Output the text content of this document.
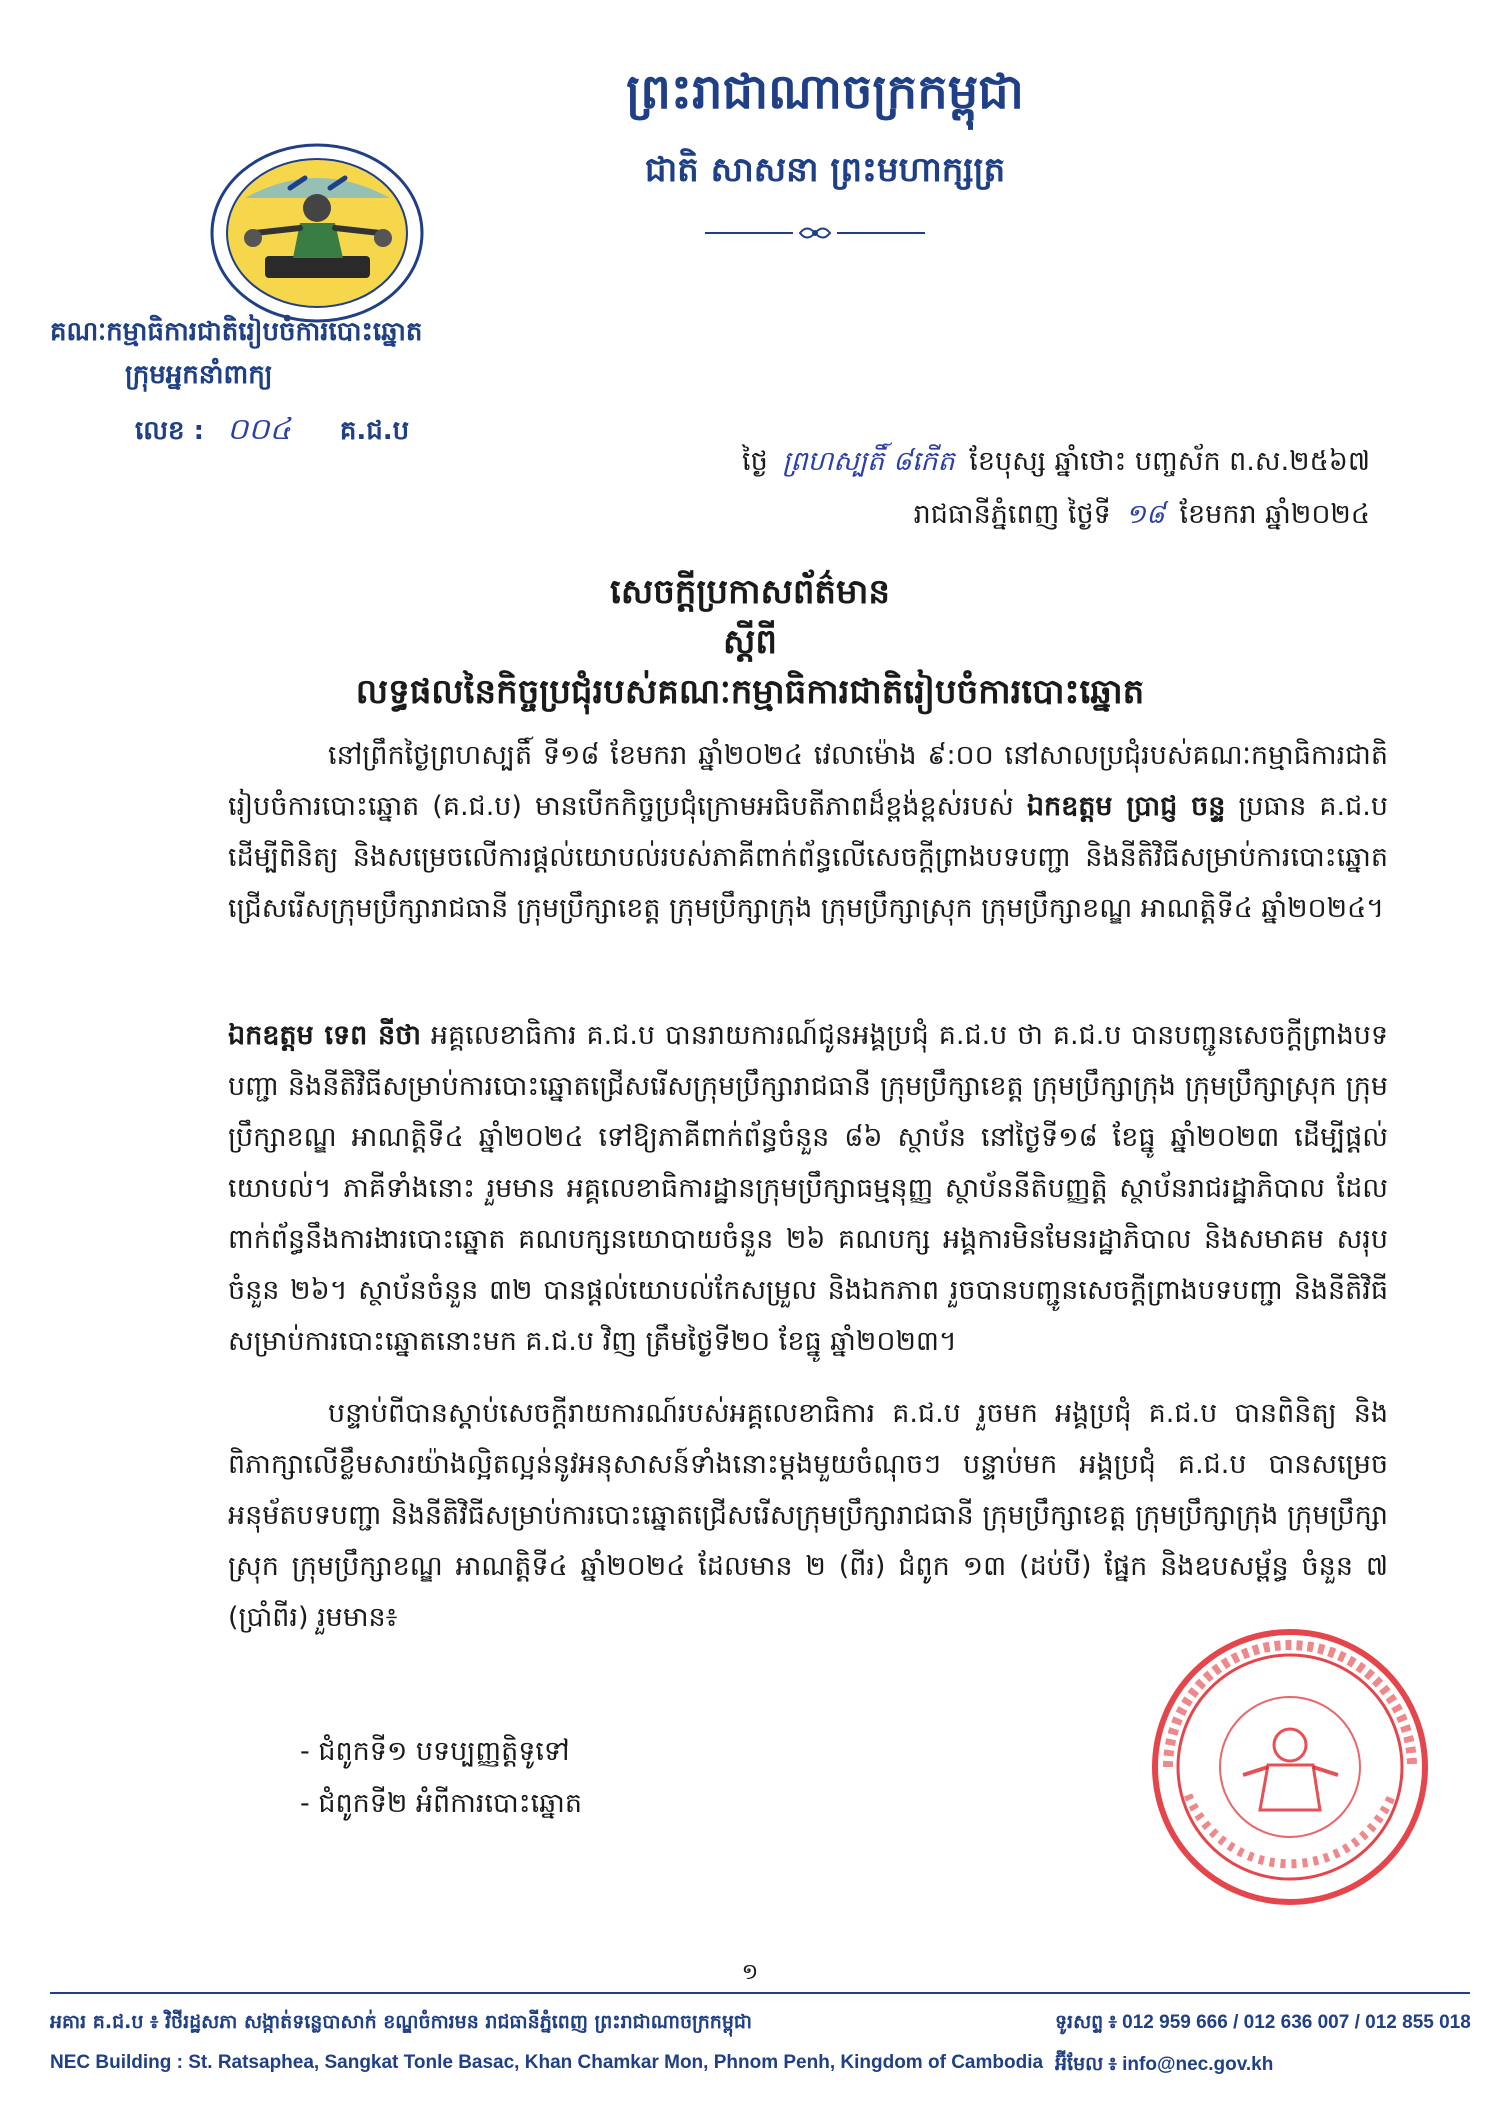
ព្រះរាជាណាចក្រកម្ពុជា
ជាតិ សាសនា ព្រះមហាក្សត្រ
គណៈកម្មាធិការជាតិរៀបចំការបោះឆ្នោត
ក្រុមអ្នកនាំពាក្យ
លេខ : ០០៤ គ.ជ.ប
ថ្ងៃ ព្រហស្បតិ៍ ៨កើត ខែបុស្ស ឆ្នាំថោះ បញ្ចស័ក ព.ស.២៥៦៧
រាជធានីភ្នំពេញ ថ្ងៃទី ១៨ ខែមករា ឆ្នាំ២០២៤
សេចក្តីប្រកាសព័ត៌មាន
ស្តីពី
លទ្ធផលនៃកិច្ចប្រជុំរបស់គណៈកម្មាធិការជាតិរៀបចំការបោះឆ្នោត
នៅព្រឹកថ្ងៃព្រហស្បតិ៍ ទី១៨ ខែមករា ឆ្នាំ២០២៤ វេលាម៉ោង ៩:០០ នៅសាលប្រជុំរបស់គណៈកម្មាធិការជាតិរៀបចំការបោះឆ្នោត (គ.ជ.ប) មានបើកកិច្ចប្រជុំក្រោមអធិបតីភាពដ៏ខ្ពង់ខ្ពស់របស់ ឯកឧត្តម ប្រាជ្ញ ចន្ទ ប្រធាន គ.ជ.ប ដើម្បីពិនិត្យ និងសម្រេចលើការផ្តល់យោបល់របស់ភាគីពាក់ព័ន្ធលើសេចក្តីព្រាងបទបញ្ជា និងនីតិវិធីសម្រាប់ការបោះឆ្នោតជ្រើសរើសក្រុមប្រឹក្សារាជធានី ក្រុមប្រឹក្សាខេត្ត ក្រុមប្រឹក្សាក្រុង ក្រុមប្រឹក្សាស្រុក ក្រុមប្រឹក្សាខណ្ឌ អាណត្តិទី៤ ឆ្នាំ២០២៤។
ឯកឧត្តម ទេព នីថា អគ្គលេខាធិការ គ.ជ.ប បានរាយការណ៍ជូនអង្គប្រជុំ គ.ជ.ប ថា គ.ជ.ប បានបញ្ជូនសេចក្តីព្រាងបទបញ្ជា និងនីតិវិធីសម្រាប់ការបោះឆ្នោតជ្រើសរើសក្រុមប្រឹក្សារាជធានី ក្រុមប្រឹក្សាខេត្ត ក្រុមប្រឹក្សាក្រុង ក្រុមប្រឹក្សាស្រុក ក្រុមប្រឹក្សាខណ្ឌ អាណត្តិទី៤ ឆ្នាំ២០២៤ ទៅឱ្យភាគីពាក់ព័ន្ធចំនួន ៨៦ ស្ថាប័ន នៅថ្ងៃទី១៨ ខែធ្នូ ឆ្នាំ២០២៣ ដើម្បីផ្តល់យោបល់។ ភាគីទាំងនោះ រួមមាន អគ្គលេខាធិការដ្ឋានក្រុមប្រឹក្សាធម្មនុញ្ញ ស្ថាប័ននីតិបញ្ញត្តិ ស្ថាប័នរាជរដ្ឋាភិបាល ដែលពាក់ព័ន្ធនឹងការងារបោះឆ្នោត គណបក្សនយោបាយចំនួន ២៦ គណបក្ស អង្គការមិនមែនរដ្ឋាភិបាល និងសមាគម សរុបចំនួន ២៦។ ស្ថាប័នចំនួន ៣២ បានផ្តល់យោបល់កែសម្រួល និងឯកភាព រួចបានបញ្ជូនសេចក្តីព្រាងបទបញ្ជា និងនីតិវិធីសម្រាប់ការបោះឆ្នោតនោះមក គ.ជ.ប វិញ ត្រឹមថ្ងៃទី២០ ខែធ្នូ ឆ្នាំ២០២៣។
បន្ទាប់ពីបានស្តាប់សេចក្តីរាយការណ៍របស់អគ្គលេខាធិការ គ.ជ.ប រួចមក អង្គប្រជុំ គ.ជ.ប បានពិនិត្យ និងពិភាក្សាលើខ្លឹមសារយ៉ាងល្អិតល្អន់នូវអនុសាសន៍ទាំងនោះម្តងមួយចំណុចៗ បន្ទាប់មក អង្គប្រជុំ គ.ជ.ប បានសម្រេចអនុម័តបទបញ្ជា និងនីតិវិធីសម្រាប់ការបោះឆ្នោតជ្រើសរើសក្រុមប្រឹក្សារាជធានី ក្រុមប្រឹក្សាខេត្ត ក្រុមប្រឹក្សាក្រុង ក្រុមប្រឹក្សាស្រុក ក្រុមប្រឹក្សាខណ្ឌ អាណត្តិទី៤ ឆ្នាំ២០២៤ ដែលមាន ២ (ពីរ) ជំពូក ១៣ (ដប់បី) ផ្នែក និងឧបសម្ព័ន្ធ ចំនួន ៧ (ប្រាំពីរ) រួមមាន៖
- ជំពូកទី១ បទប្បញ្ញត្តិទូទៅ
- ជំពូកទី២ អំពីការបោះឆ្នោត
១
អគារ គ.ជ.ប ៖ វិថីរដ្ឋសភា សង្កាត់ទន្លេបាសាក់ ខណ្ឌចំការមន រាជធានីភ្នំពេញ ព្រះរាជាណាចក្រកម្ពុជា
NEC Building : St. Ratsaphea, Sangkat Tonle Basac, Khan Chamkar Mon, Phnom Penh, Kingdom of Cambodia
ទូរសព្ទ ៖ 012 959 666 / 012 636 007 / 012 855 018
អ៊ីមែល ៖ info@nec.gov.kh
